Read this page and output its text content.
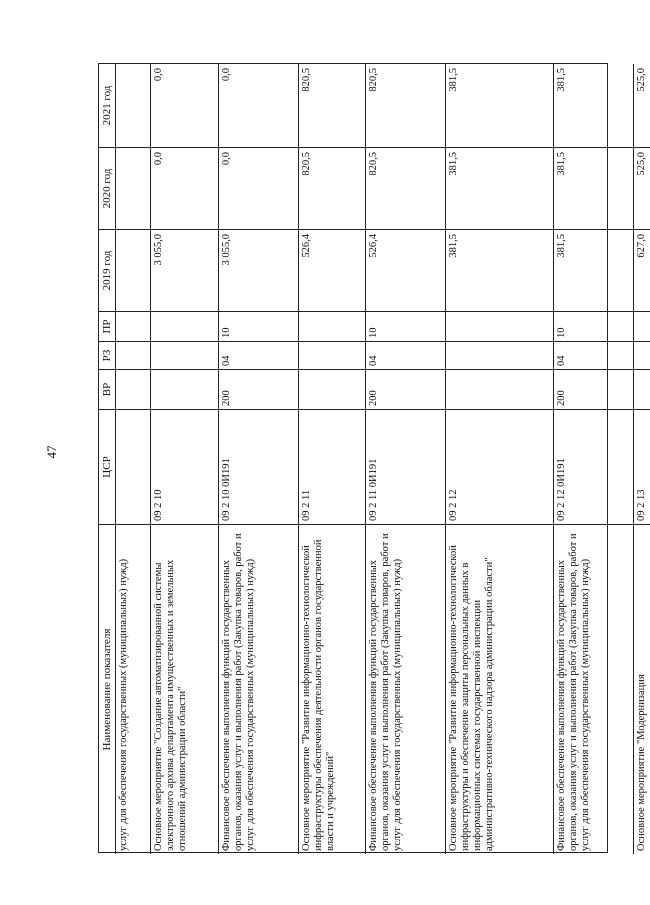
47
Наименование показателя
ЦСР
ВР
РЗ
ПР
2019 год
2020 год
2021 год
услуг для обеспечения государственных (муниципальных) нужд)	Основное мероприятие "Создание автоматизированной системы электронного архива департамента имущественных и земельных отношений администрации области"
09 2 10
3 055,0
0,0
0,0
Финансовое обеспечение выполнения функций государственных органов, оказания услуг и выполнения работ (Закупка товаров, работ и услуг для обеспечения государственных (муниципальных) нужд)
09 2 10 0И191
200
04
10
3 055,0
0,0
0,0
Основное мероприятие "Развитие информационно-технологической инфраструктуры обеспечения деятельности органов государственной власти и учреждений"
09 2 11
526,4
820,5
820,5
Финансовое обеспечение выполнения функций государственных органов, оказания услуг и выполнения работ (Закупка товаров, работ и услуг для обеспечения государственных (муниципальных) нужд)
09 2 11 0И191
200
04
10
526,4
820,5
820,5
Основное мероприятие "Развитие информационно-технологической инфраструктуры и обеспечение защиты персональных данных в информационных системах государственной инспекции административно-технического надзора администрации области"
09 2 12
381,5
381,5
381,5
Финансовое обеспечение выполнения функций государственных органов, оказания услуг и выполнения работ (Закупка товаров, работ и услуг для обеспечения государственных (муниципальных) нужд)
09 2 12 0И191
200
04
10
381,5
381,5
381,5
Основное мероприятие "Модернизация
09 2 13
627,0
525,0
525,0
